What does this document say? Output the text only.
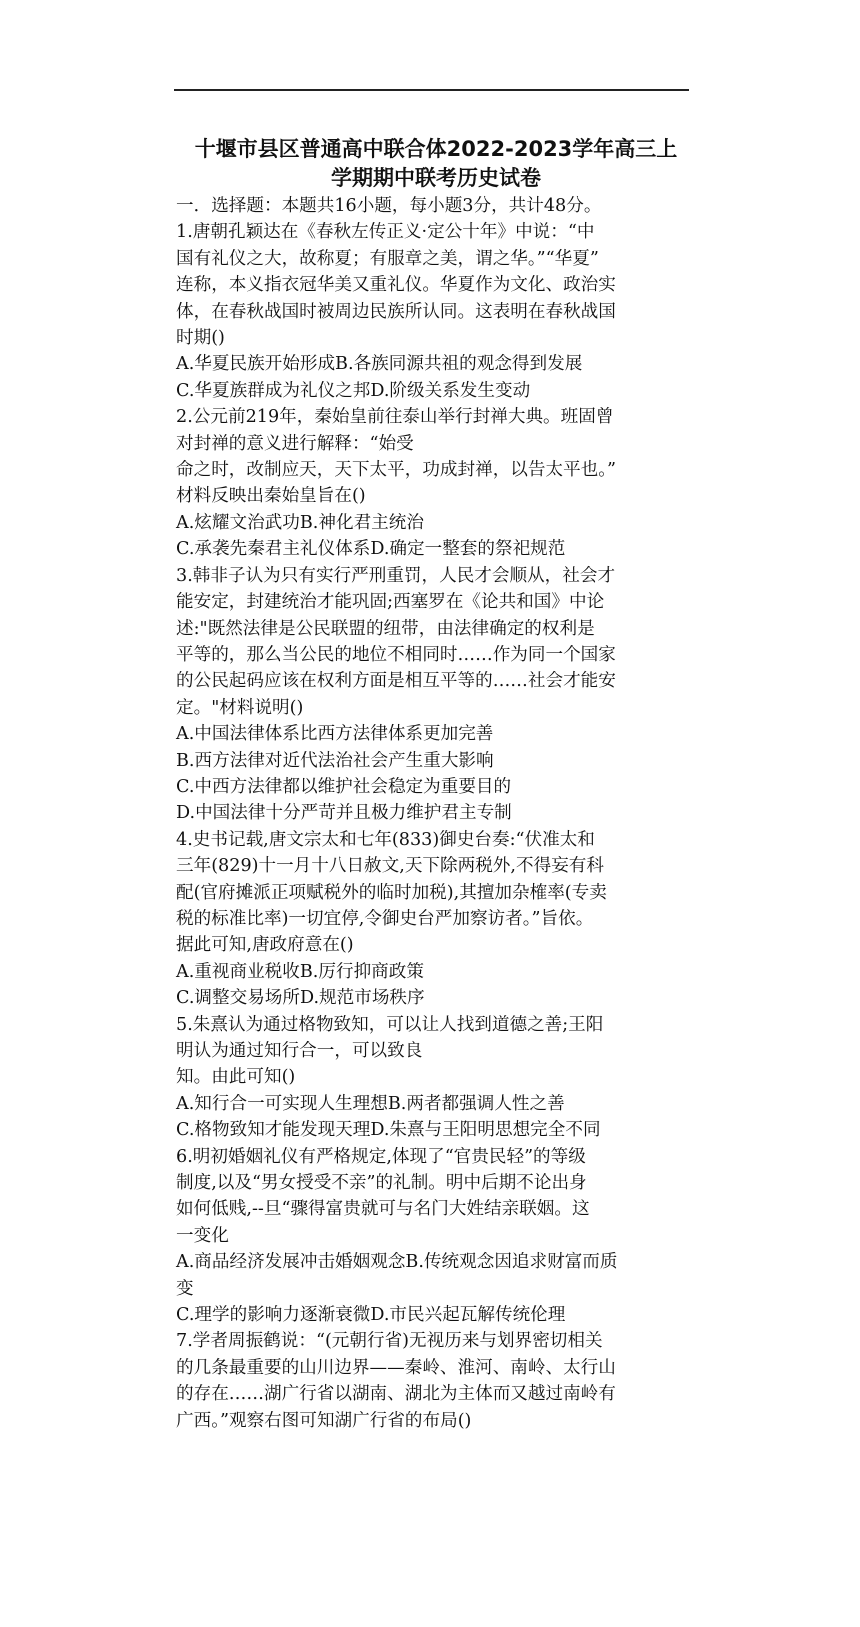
十堰市县区普通高中联合体2022-2023学年高三上
学期期中联考历史试卷
一．选择题：本题共16小题，每小题3分，共计48分。
1.唐朝孔颖达在《春秋左传正义·定公十年》中说：“中
国有礼仪之大，故称夏；有服章之美，谓之华。”“华夏”
连称，本义指衣冠华美又重礼仪。华夏作为文化、政治实
体，在春秋战国时被周边民族所认同。这表明在春秋战国
时期()
A.华夏民族开始形成B.各族同源共祖的观念得到发展
C.华夏族群成为礼仪之邦D.阶级关系发生变动
2.公元前219年，秦始皇前往泰山举行封禅大典。班固曾
对封禅的意义进行解释：“始受
命之时，改制应天，天下太平，功成封禅，以告太平也。”
材料反映出秦始皇旨在()
A.炫耀文治武功B.神化君主统治
C.承袭先秦君主礼仪体系D.确定一整套的祭祀规范
3.韩非子认为只有实行严刑重罚，人民才会顺从，社会才
能安定，封建统治才能巩固;西塞罗在《论共和国》中论
述:"既然法律是公民联盟的纽带，由法律确定的权利是
平等的，那么当公民的地位不相同时……作为同一个国家
的公民起码应该在权利方面是相互平等的……社会才能安
定。"材料说明()
A.中国法律体系比西方法律体系更加完善
B.西方法律对近代法治社会产生重大影响
C.中西方法律都以维护社会稳定为重要目的
D.中国法律十分严苛并且极力维护君主专制
4.史书记载,唐文宗太和七年(833)御史台奏:“伏准太和
三年(829)十一月十八日赦文,天下除两税外,不得妄有科
配(官府摊派正项赋税外的临时加税),其擅加杂榷率(专卖
税的标准比率)一切宜停,令御史台严加察访者。”旨依。
据此可知,唐政府意在()
A.重视商业税收B.厉行抑商政策
C.调整交易场所D.规范市场秩序
5.朱熹认为通过格物致知，可以让人找到道德之善;王阳
明认为通过知行合一，可以致良
知。由此可知()
A.知行合一可实现人生理想B.两者都强调人性之善
C.格物致知才能发现天理D.朱熹与王阳明思想完全不同
6.明初婚姻礼仪有严格规定,体现了“官贵民轻”的等级
制度,以及“男女授受不亲”的礼制。明中后期不论出身
如何低贱,--旦“骤得富贵就可与名门大姓结亲联姻。这
一变化
A.商品经济发展冲击婚姻观念B.传统观念因追求财富而质
变
C.理学的影响力逐渐衰微D.市民兴起瓦解传统伦理
7.学者周振鹤说：“(元朝行省)无视历来与划界密切相关
的几条最重要的山川边界——秦岭、淮河、南岭、太行山
的存在……湖广行省以湖南、湖北为主体而又越过南岭有
广西。”观察右图可知湖广行省的布局()
